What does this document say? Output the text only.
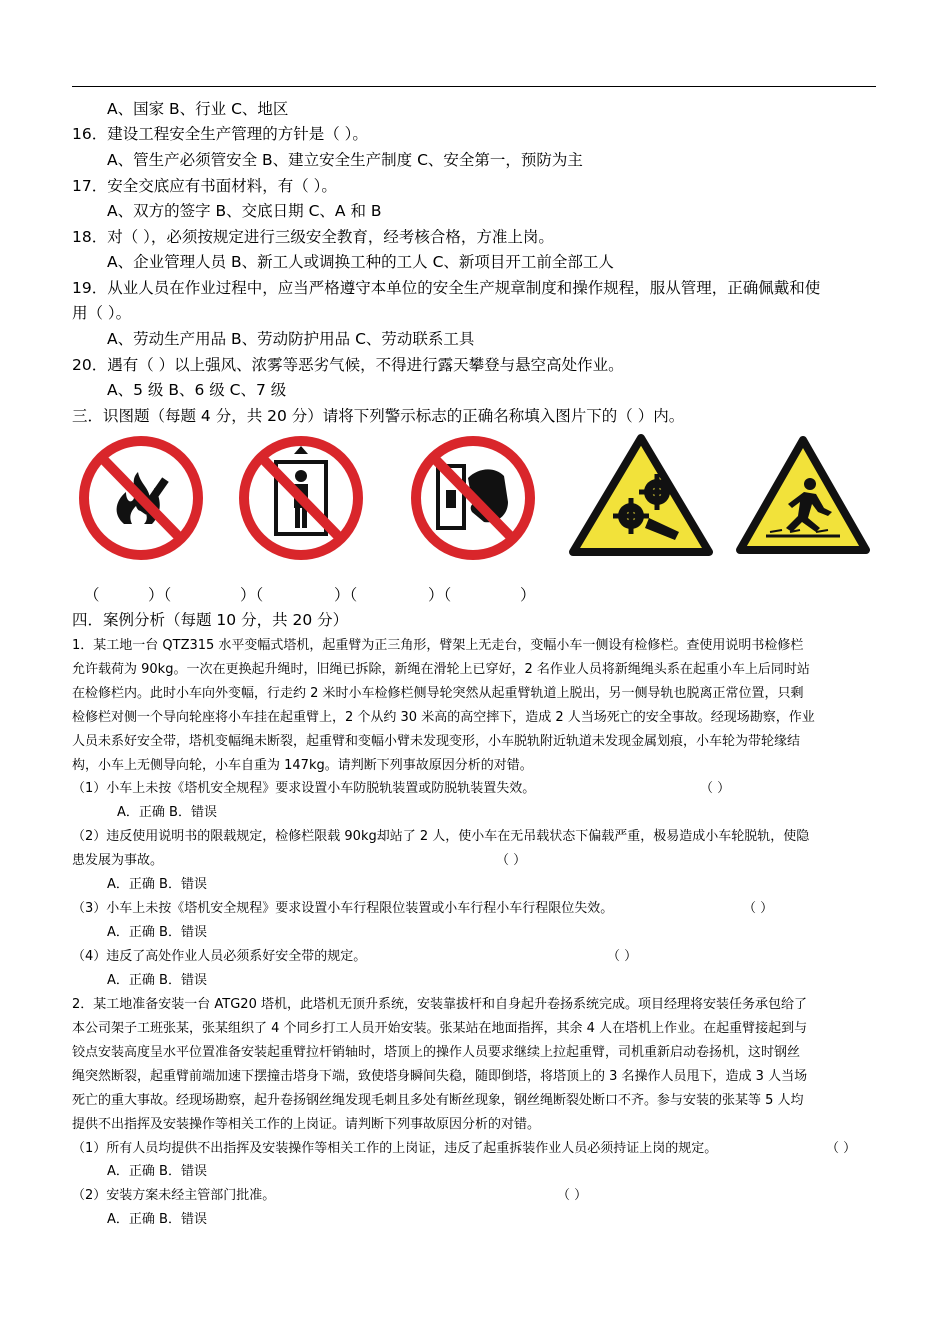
A、国家 B、行业 C、地区
16．建设工程安全生产管理的方针是（ ）。
A、管生产必须管安全 B、建立安全生产制度 C、安全第一，预防为主
17．安全交底应有书面材料，有（ ）。
A、双方的签字 B、交底日期 C、A 和 B
18．对（ ），必须按规定进行三级安全教育，经考核合格，方准上岗。
A、企业管理人员 B、新工人或调换工种的工人 C、新项目开工前全部工人
19．从业人员在作业过程中，应当严格遵守本单位的安全生产规章制度和操作规程，服从管理，正确佩戴和使
用（ ）。
A、劳动生产用品 B、劳动防护用品 C、劳动联系工具
20．遇有（ ）以上强风、浓雾等恶劣气候，不得进行露天攀登与悬空高处作业。
A、5 级 B、6 级 C、7 级
三．识图题（每题 4 分，共 20 分）请将下列警示标志的正确名称填入图片下的（ ）内。
四．案例分析（每题 10 分，共 20 分）
1．某工地一台 QTZ315 水平变幅式塔机，起重臂为正三角形，臂架上无走台，变幅小车一侧设有检修栏。查使用说明书检修栏
允许载荷为 90kg。一次在更换起升绳时，旧绳已拆除，新绳在滑轮上已穿好，2 名作业人员将新绳绳头系在起重小车上后同时站
在检修栏内。此时小车向外变幅，行走约 2 米时小车检修栏侧导轮突然从起重臂轨道上脱出，另一侧导轨也脱离正常位置，只剩
检修栏对侧一个导向轮座将小车挂在起重臂上，2 个从约 30 米高的高空摔下，造成 2 人当场死亡的安全事故。经现场勘察，作业
人员未系好安全带，塔机变幅绳未断裂，起重臂和变幅小臂未发现变形，小车脱轨附近轨道未发现金属划痕，小车轮为带轮缘结
构，小车上无侧导向轮，小车自重为 147kg。请判断下列事故原因分析的对错。
（1）小车上未按《塔机安全规程》要求设置小车防脱轨装置或防脱轨装置失效。	（ ）
A．正确 B．错误
（2）违反使用说明书的限载规定，检修栏限载 90kg却站了 2 人，使小车在无吊载状态下偏载严重，极易造成小车轮脱轨，使隐
患发展为事故。	（ ）
A．正确 B．错误
（3）小车上未按《塔机安全规程》要求设置小车行程限位装置或小车行程小车行程限位失效。	（ ）
A．正确 B．错误
（4）违反了高处作业人员必须系好安全带的规定。	（ ）
A．正确 B．错误
2．某工地准备安装一台 ATG20 塔机，此塔机无顶升系统，安装靠拔杆和自身起升卷扬系统完成。项目经理将安装任务承包给了
本公司架子工班张某，张某组织了 4 个同乡打工人员开始安装。张某站在地面指挥，其余 4 人在塔机上作业。在起重臂接起到与
铰点安装高度呈水平位置准备安装起重臂拉杆销轴时，塔顶上的操作人员要求继续上拉起重臂，司机重新启动卷扬机，这时钢丝
绳突然断裂，起重臂前端加速下摆撞击塔身下端，致使塔身瞬间失稳，随即倒塔，将塔顶上的 3 名操作人员甩下，造成 3 人当场
死亡的重大事故。经现场勘察，起升卷扬钢丝绳发现毛刺且多处有断丝现象，钢丝绳断裂处断口不齐。参与安装的张某等 5 人均
提供不出指挥及安装操作等相关工作的上岗证。请判断下列事故原因分析的对错。
（1）所有人员均提供不出指挥及安装操作等相关工作的上岗证，违反了起重拆装作业人员必须持证上岗的规定。	（ ）
A．正确 B．错误
（2）安装方案未经主管部门批准。	（ ）
A．正确 B．错误
（	）（	）（	）（	）（	）
